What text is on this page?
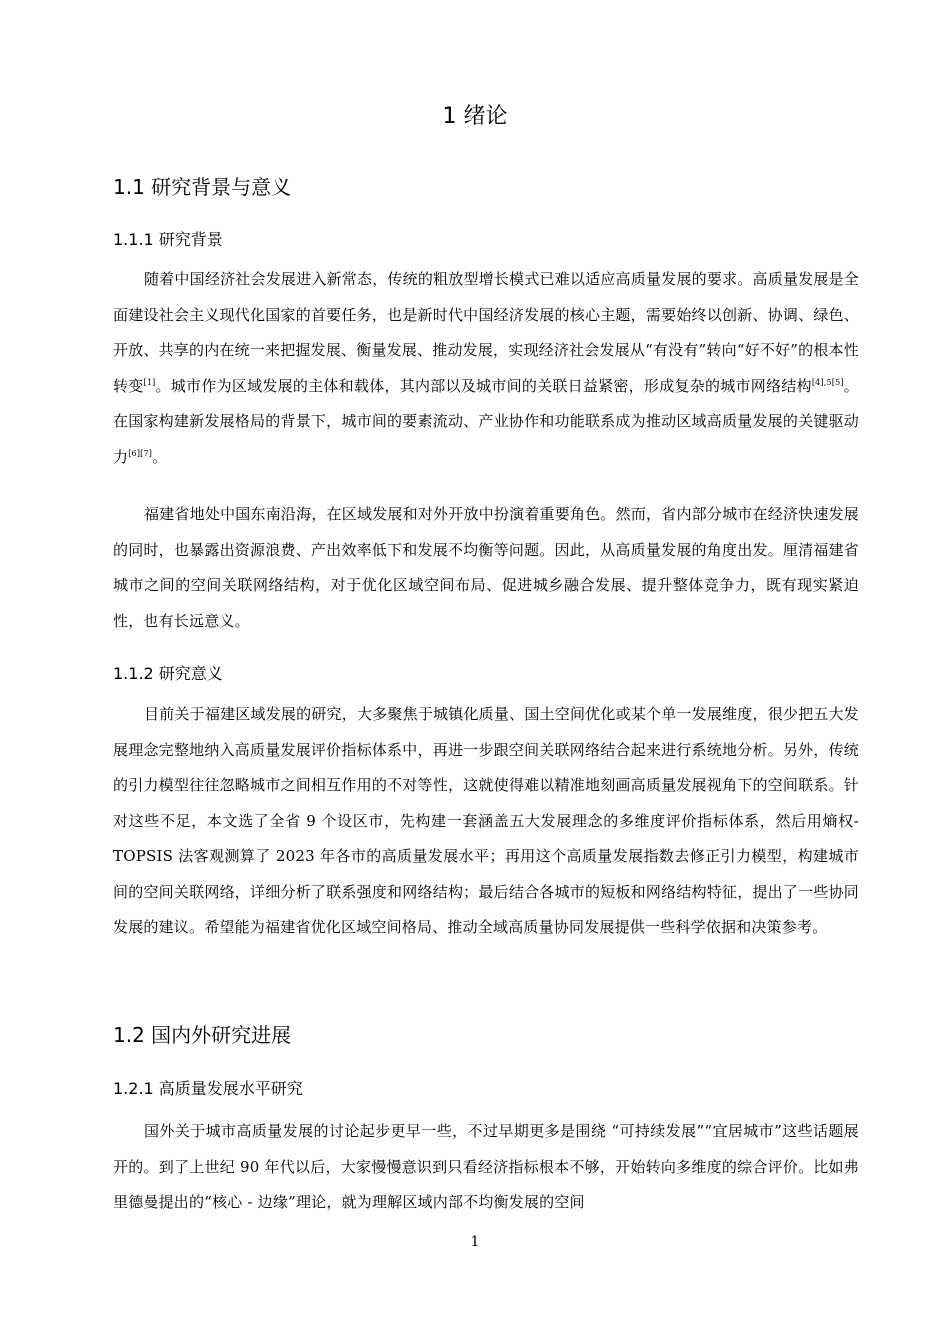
1 绪论
1.1 研究背景与意义
1.1.1 研究背景

随着中国经济社会发展进入新常态，传统的粗放型增长模式已难以适应高质量发展的要求。高质量发展是全面建设社会主义现代化国家的首要任务，也是新时代中国经济发展的核心主题，需要始终以创新、协调、绿色、开放、共享的内在统一来把握发展、衡量发展、推动发展，实现经济社会发展从“有没有”转向“好不好”的根本性转变[1]。城市作为区域发展的主体和载体，其内部以及城市间的关联日益紧密，形成复杂的城市网络结构[4],5[5]。在国家构建新发展格局的背景下，城市间的要素流动、产业协作和功能联系成为推动区域高质量发展的关键驱动力[6][7]。

福建省地处中国东南沿海，在区域发展和对外开放中扮演着重要角色。然而，省内部分城市在经济快速发展的同时，也暴露出资源浪费、产出效率低下和发展不均衡等问题。因此，从高质量发展的角度出发。厘清福建省城市之间的空间关联网络结构，对于优化区域空间布局、促进城乡融合发展、提升整体竞争力，既有现实紧迫性，也有长远意义。

1.1.2 研究意义

目前关于福建区域发展的研究，大多聚焦于城镇化质量、国土空间优化或某个单一发展维度，很少把五大发展理念完整地纳入高质量发展评价指标体系中，再进一步跟空间关联网络结合起来进行系统地分析。另外，传统的引力模型往往忽略城市之间相互作用的不对等性，这就使得难以精准地刻画高质量发展视角下的空间联系。针对这些不足，本文选了全省 9 个设区市，先构建一套涵盖五大发展理念的多维度评价指标体系，然后用熵权-TOPSIS 法客观测算了 2023 年各市的高质量发展水平；再用这个高质量发展指数去修正引力模型，构建城市间的空间关联网络，详细分析了联系强度和网络结构；最后结合各城市的短板和网络结构特征，提出了一些协同发展的建议。希望能为福建省优化区域空间格局、推动全域高质量协同发展提供一些科学依据和决策参考。

1.2 国内外研究进展
1.2.1 高质量发展水平研究

国外关于城市高质量发展的讨论起步更早一些，不过早期更多是围绕 “可持续发展”“宜居城市”这些话题展开的。到了上世纪 90 年代以后，大家慢慢意识到只看经济指标根本不够，开始转向多维度的综合评价。比如弗里德曼提出的“核心 - 边缘”理论，就为理解区域内部不均衡发展的空间

1
